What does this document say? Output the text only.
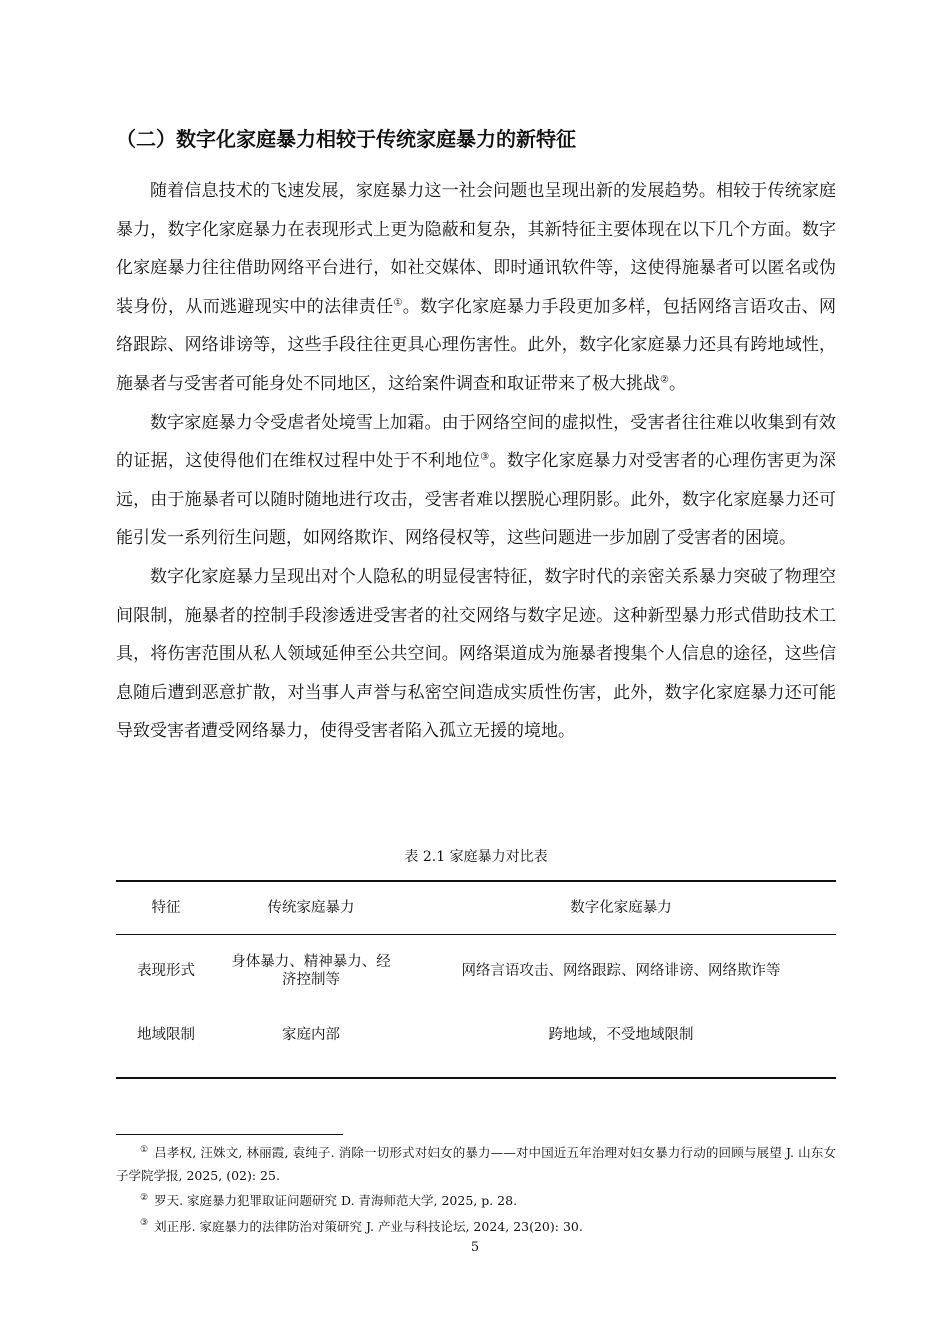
（二）数字化家庭暴力相较于传统家庭暴力的新特征

随着信息技术的飞速发展，家庭暴力这一社会问题也呈现出新的发展趋势。相较于传统家庭暴力，数字化家庭暴力在表现形式上更为隐蔽和复杂，其新特征主要体现在以下几个方面。数字化家庭暴力往往借助网络平台进行，如社交媒体、即时通讯软件等，这使得施暴者可以匿名或伪装身份，从而逃避现实中的法律责任①。数字化家庭暴力手段更加多样，包括网络言语攻击、网络跟踪、网络诽谤等，这些手段往往更具心理伤害性。此外，数字化家庭暴力还具有跨地域性，施暴者与受害者可能身处不同地区，这给案件调查和取证带来了极大挑战②。

数字家庭暴力令受虐者处境雪上加霜。由于网络空间的虚拟性，受害者往往难以收集到有效的证据，这使得他们在维权过程中处于不利地位③。数字化家庭暴力对受害者的心理伤害更为深远，由于施暴者可以随时随地进行攻击，受害者难以摆脱心理阴影。此外，数字化家庭暴力还可能引发一系列衍生问题，如网络欺诈、网络侵权等，这些问题进一步加剧了受害者的困境。

数字化家庭暴力呈现出对个人隐私的明显侵害特征，数字时代的亲密关系暴力突破了物理空间限制，施暴者的控制手段渗透进受害者的社交网络与数字足迹。这种新型暴力形式借助技术工具，将伤害范围从私人领域延伸至公共空间。网络渠道成为施暴者搜集个人信息的途径，这些信息随后遭到恶意扩散，对当事人声誉与私密空间造成实质性伤害，此外，数字化家庭暴力还可能导致受害者遭受网络暴力，使得受害者陷入孤立无援的境地。

表 2.1 家庭暴力对比表
特征	传统家庭暴力	数字化家庭暴力
表现形式	身体暴力、精神暴力、经济控制等	网络言语攻击、网络跟踪、网络诽谤、网络欺诈等
地域限制	家庭内部	跨地域，不受地域限制

① 吕孝权, 汪姝文, 林丽霞, 袁纯子. 消除一切形式对妇女的暴力——对中国近五年治理对妇女暴力行动的回顾与展望 J. 山东女子学院学报, 2025, (02): 25.

② 罗天. 家庭暴力犯罪取证问题研究 D. 青海师范大学, 2025, p. 28.

③ 刘正彤. 家庭暴力的法律防治对策研究 J. 产业与科技论坛, 2024, 23(20): 30.

5
